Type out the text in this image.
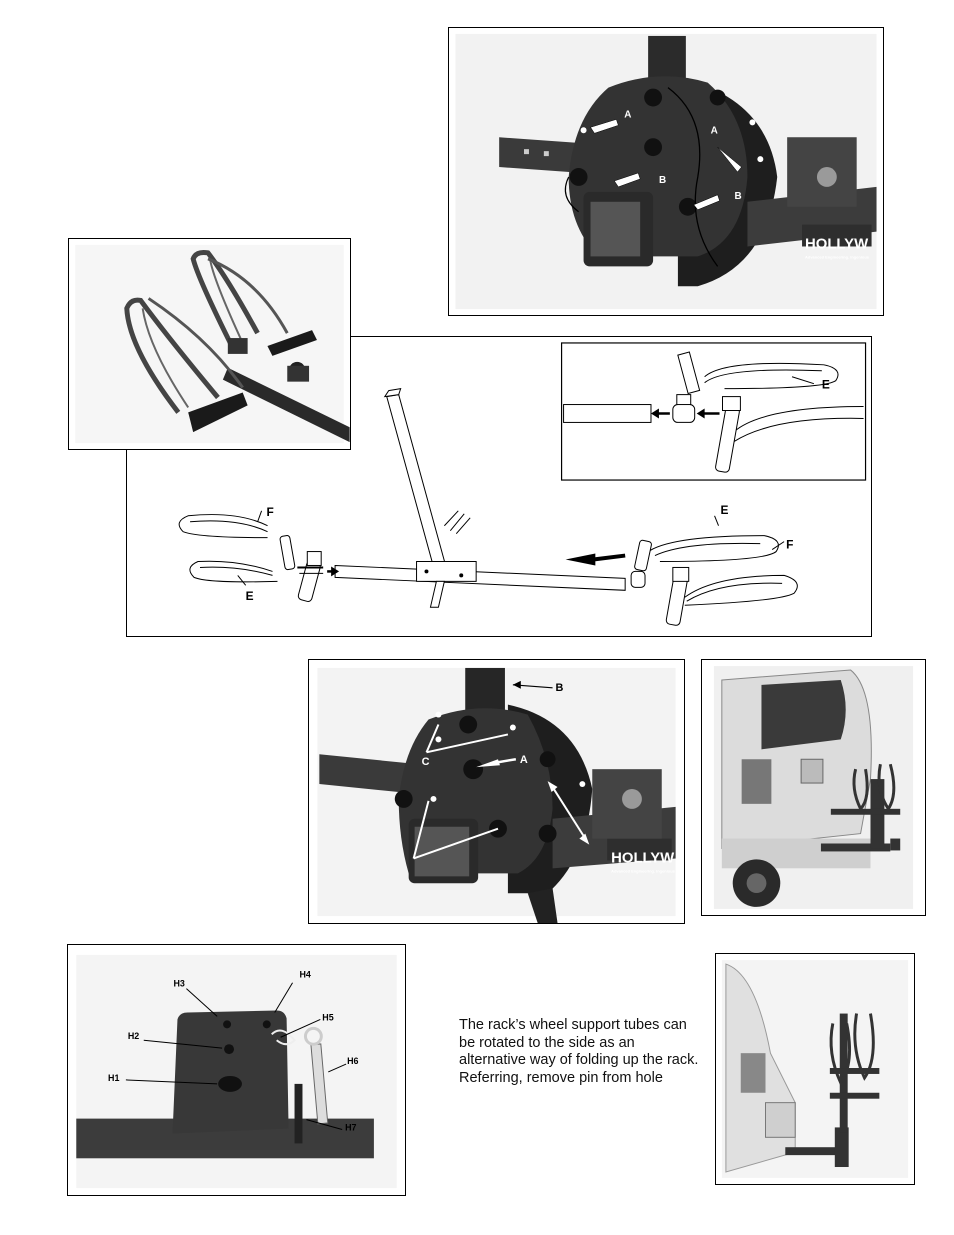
HOLLYW
Advanced Engineering. Ingenious
A
A
B
B
E
F
E
E
F
HOLLYW
Advanced Engineering. Ingenious
B
C	A
H3
H4
H5
H2
H6
H1
H7
The rack’s wheel support tubes can be rotated to the side as an alternative way of folding up the rack. Referring, remove pin from hole
